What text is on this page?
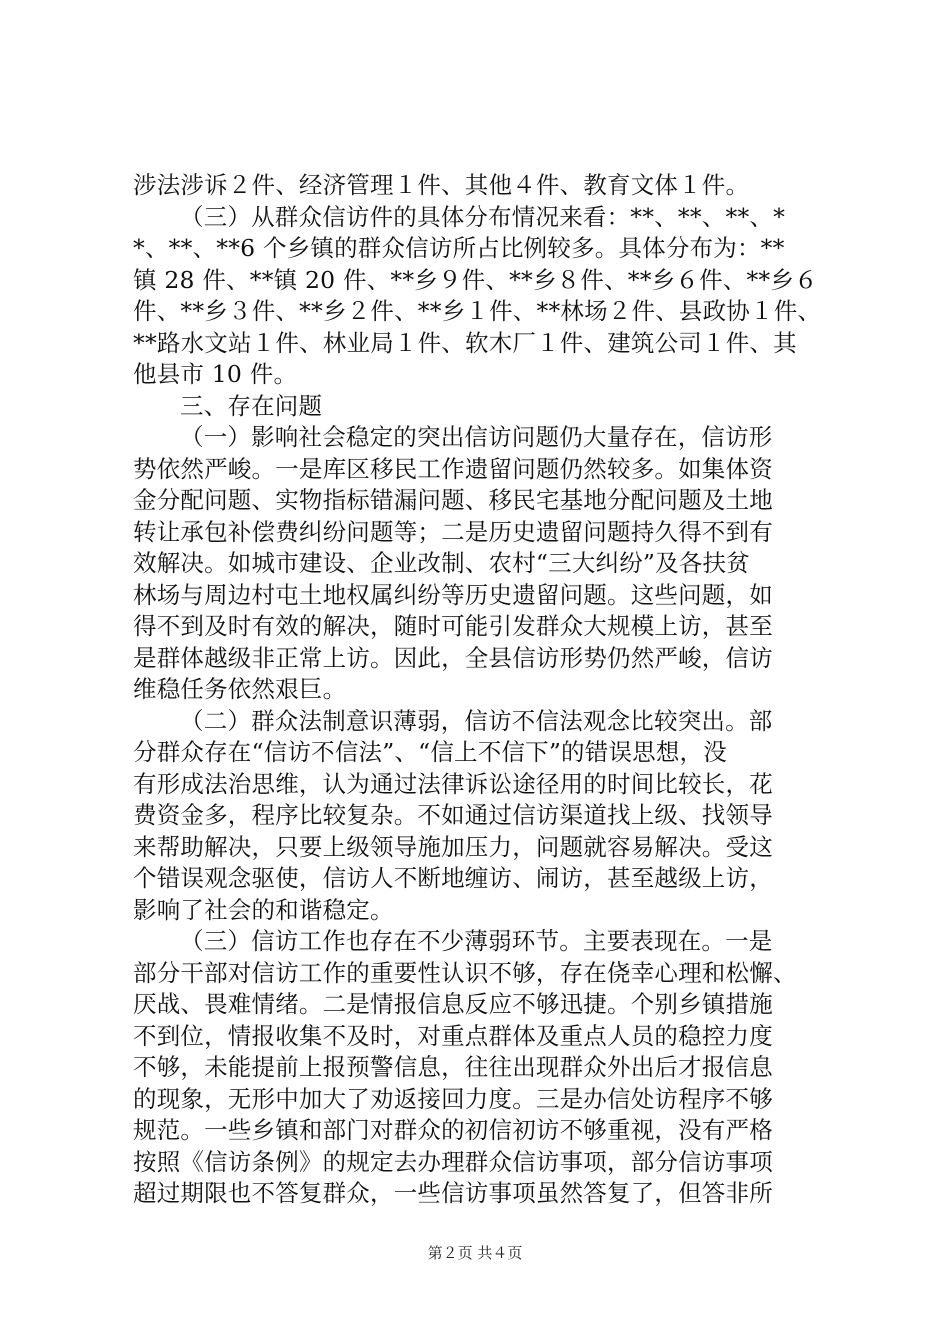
涉法涉诉２件、经济管理１件、其他４件、教育文体１件。
（三）从群众信访件的具体分布情况来看：**、**、**、*
*、**、**6 个乡镇的群众信访所占比例较多。具体分布为：**
镇 28 件、**镇 20 件、**乡９件、**乡８件、**乡６件、**乡６
件、**乡３件、**乡２件、**乡１件、**林场２件、县政协１件、
**路水文站１件、林业局１件、软木厂１件、建筑公司１件、其
他县市 10 件。
三、存在问题
（一）影响社会稳定的突出信访问题仍大量存在，信访形
势依然严峻。一是库区移民工作遗留问题仍然较多。如集体资
金分配问题、实物指标错漏问题、移民宅基地分配问题及土地
转让承包补偿费纠纷问题等；二是历史遗留问题持久得不到有
效解决。如城市建设、企业改制、农村“三大纠纷”及各扶贫
林场与周边村屯土地权属纠纷等历史遗留问题。这些问题，如
得不到及时有效的解决，随时可能引发群众大规模上访，甚至
是群体越级非正常上访。因此，全县信访形势仍然严峻，信访
维稳任务依然艰巨。
（二）群众法制意识薄弱，信访不信法观念比较突出。部
分群众存在“信访不信法”、“信上不信下”的错误思想，没
有形成法治思维，认为通过法律诉讼途径用的时间比较长，花
费资金多，程序比较复杂。不如通过信访渠道找上级、找领导
来帮助解决，只要上级领导施加压力，问题就容易解决。受这
个错误观念驱使，信访人不断地缠访、闹访，甚至越级上访，
影响了社会的和谐稳定。
（三）信访工作也存在不少薄弱环节。主要表现在。一是
部分干部对信访工作的重要性认识不够，存在侥幸心理和松懈、
厌战、畏难情绪。二是情报信息反应不够迅捷。个别乡镇措施
不到位，情报收集不及时，对重点群体及重点人员的稳控力度
不够，未能提前上报预警信息，往往出现群众外出后才报信息
的现象，无形中加大了劝返接回力度。三是办信处访程序不够
规范。一些乡镇和部门对群众的初信初访不够重视，没有严格
按照《信访条例》的规定去办理群众信访事项，部分信访事项
超过期限也不答复群众，一些信访事项虽然答复了，但答非所
第２页 共４页
